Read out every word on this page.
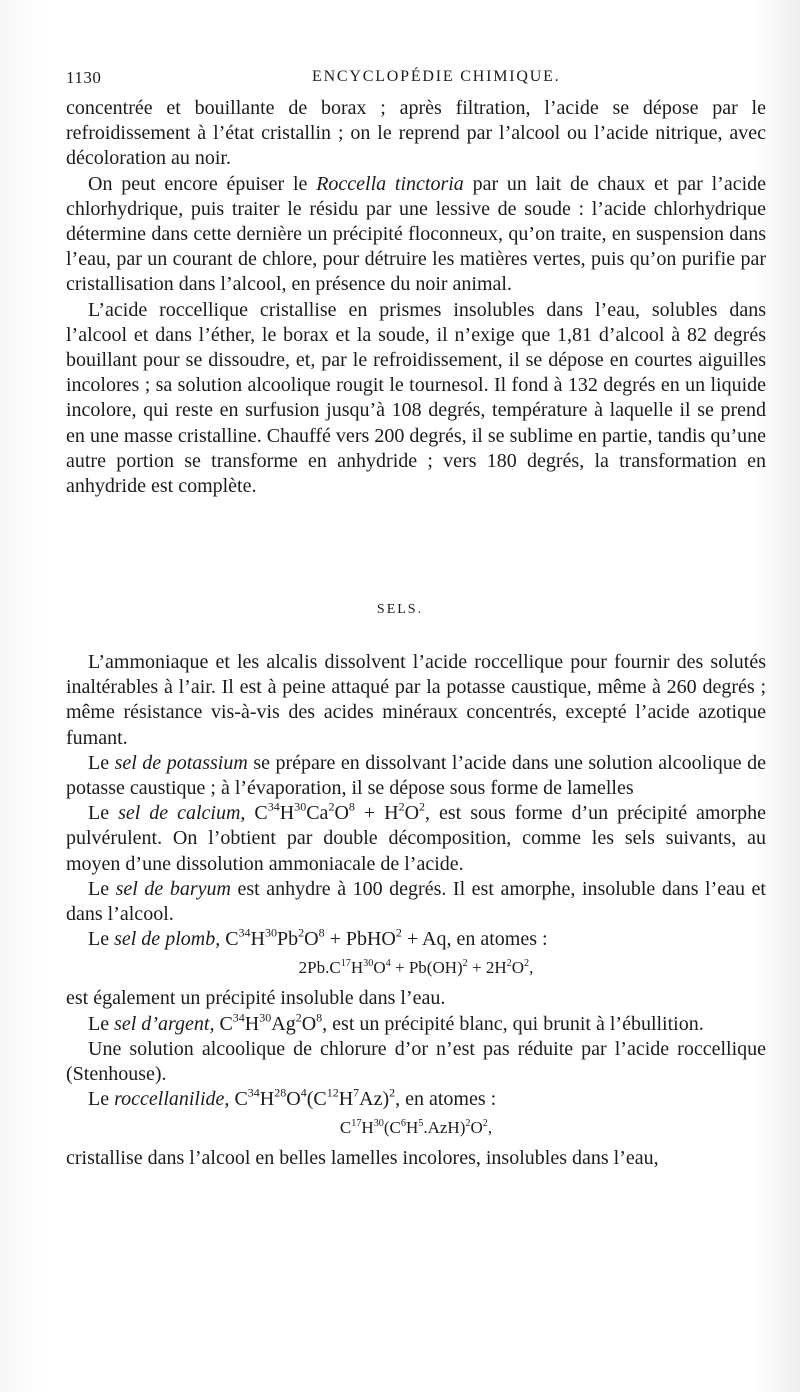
1130	ENCYCLOPÉDIE CHIMIQUE.

concentrée et bouillante de borax ; après filtration, l’acide se dépose par le refroidissement à l’état cristallin ; on le reprend par l’alcool ou l’acide nitrique, avec décoloration au noir.

On peut encore épuiser le Roccella tinctoria par un lait de chaux et par l’acide chlorhydrique, puis traiter le résidu par une lessive de soude : l’acide chlorhydrique détermine dans cette dernière un précipité floconneux, qu’on traite, en suspension dans l’eau, par un courant de chlore, pour détruire les matières vertes, puis qu’on purifie par cristallisation dans l’alcool, en présence du noir animal.

L’acide roccellique cristallise en prismes insolubles dans l’eau, solubles dans l’alcool et dans l’éther, le borax et la soude, il n’exige que 1,81 d’alcool à 82 degrés bouillant pour se dissoudre, et, par le refroidissement, il se dépose en courtes aiguilles incolores ; sa solution alcoolique rougit le tournesol. Il fond à 132 degrés en un liquide incolore, qui reste en surfusion jusqu’à 108 degrés, température à laquelle il se prend en une masse cristalline. Chauffé vers 200 degrés, il se sublime en partie, tandis qu’une autre portion se transforme en anhydride ; vers 180 degrés, la transformation en anhydride est complète.

SELS.

L’ammoniaque et les alcalis dissolvent l’acide roccellique pour fournir des solutés inaltérables à l’air. Il est à peine attaqué par la potasse caustique, même à 260 degrés ; même résistance vis-à-vis des acides minéraux concentrés, excepté l’acide azotique fumant.

Le sel de potassium se prépare en dissolvant l’acide dans une solution alcoolique de potasse caustique ; à l’évaporation, il se dépose sous forme de lamelles

Le sel de calcium, $C^{34}H^{30}Ca^2O^8 + H^2O^2$, est sous forme d’un précipité amorphe pulvérulent. On l’obtient par double décomposition, comme les sels suivants, au moyen d’une dissolution ammoniacale de l’acide.

Le sel de baryum est anhydre à 100 degrés. Il est amorphe, insoluble dans l’eau et dans l’alcool.

Le sel de plomb, $C^{34}H^{30}Pb^2O^8$ + PbHO$^2$ + Aq, en atomes :

$2Pb.C^{17}H^{30}O^4 + Pb(OH)^2 + 2H^2O^2$,

est également un précipité insoluble dans l’eau.

Le sel d’argent, $C^{34}H^{30}Ag^2O^8$, est un précipité blanc, qui brunit à l’ébullition.

Une solution alcoolique de chlorure d’or n’est pas réduite par l’acide roccellique (Stenhouse).

Le roccellanilide, $C^{34}H^{28}O^4(C^{12}H^7Az)^2$, en atomes :

$C^{17}H^{30}(C^6H^5.AzH)^2O^2$,

cristallise dans l’alcool en belles lamelles incolores, insolubles dans l’eau,
